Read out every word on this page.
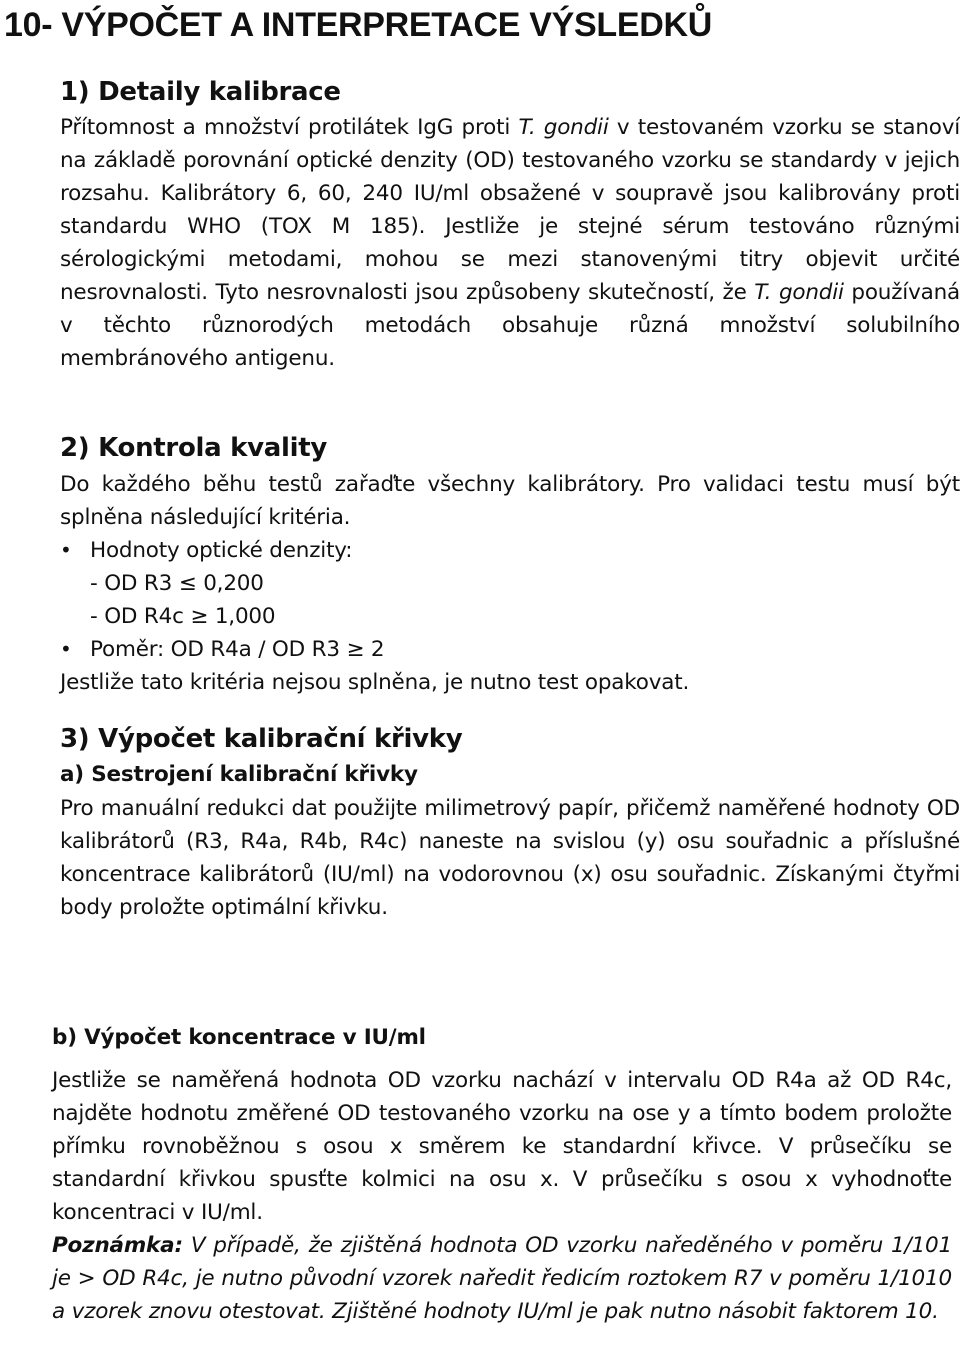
10- VÝPOČET A INTERPRETACE VÝSLEDKŮ
1) Detaily kalibrace

Přítomnost a množství protilátek IgG proti T. gondii v testovaném vzorku se stanoví na základě porovnání optické denzity (OD) testovaného vzorku se standardy v jejich rozsahu. Kalibrátory 6, 60, 240 IU/ml obsažené v soupravě jsou kalibrovány proti standardu WHO (TOX M 185). Jestliže je stejné sérum testováno různými sérologickými metodami, mohou se mezi stanovenými titry objevit určité nesrovnalosti. Tyto nesrovnalosti jsou způsobeny skutečností, že T. gondii používaná v těchto různorodých metodách obsahuje různá množství solubilního membránového antigenu.

2) Kontrola kvality

Do každého běhu testů zařaďte všechny kalibrátory. Pro validaci testu musí být splněna následující kritéria.

• Hodnoty optické denzity:

- OD R3 ≤ 0,200

- OD R4c ≥ 1,000

• Poměr: OD R4a / OD R3 ≥ 2

Jestliže tato kritéria nejsou splněna, je nutno test opakovat.

3) Výpočet kalibrační křivky
a) Sestrojení kalibrační křivky

Pro manuální redukci dat použijte milimetrový papír, přičemž naměřené hodnoty OD kalibrátorů (R3, R4a, R4b, R4c) naneste na svislou (y) osu souřadnic a příslušné koncentrace kalibrátorů (IU/ml) na vodorovnou (x) osu souřadnic. Získanými čtyřmi body proložte optimální křivku.

b) Výpočet koncentrace v IU/ml

Jestliže se naměřená hodnota OD vzorku nachází v intervalu OD R4a až OD R4c, najděte hodnotu změřené OD testovaného vzorku na ose y a tímto bodem proložte přímku rovnoběžnou s osou x směrem ke standardní křivce. V průsečíku se standardní křivkou spusťte kolmici na osu x. V průsečíku s osou x vyhodnoťte koncentraci v IU/ml.

Poznámka: V případě, že zjištěná hodnota OD vzorku naředěného v poměru 1/101 je > OD R4c, je nutno původní vzorek naředit ředicím roztokem R7 v poměru 1/1010 a vzorek znovu otestovat. Zjištěné hodnoty IU/ml je pak nutno násobit faktorem 10.
